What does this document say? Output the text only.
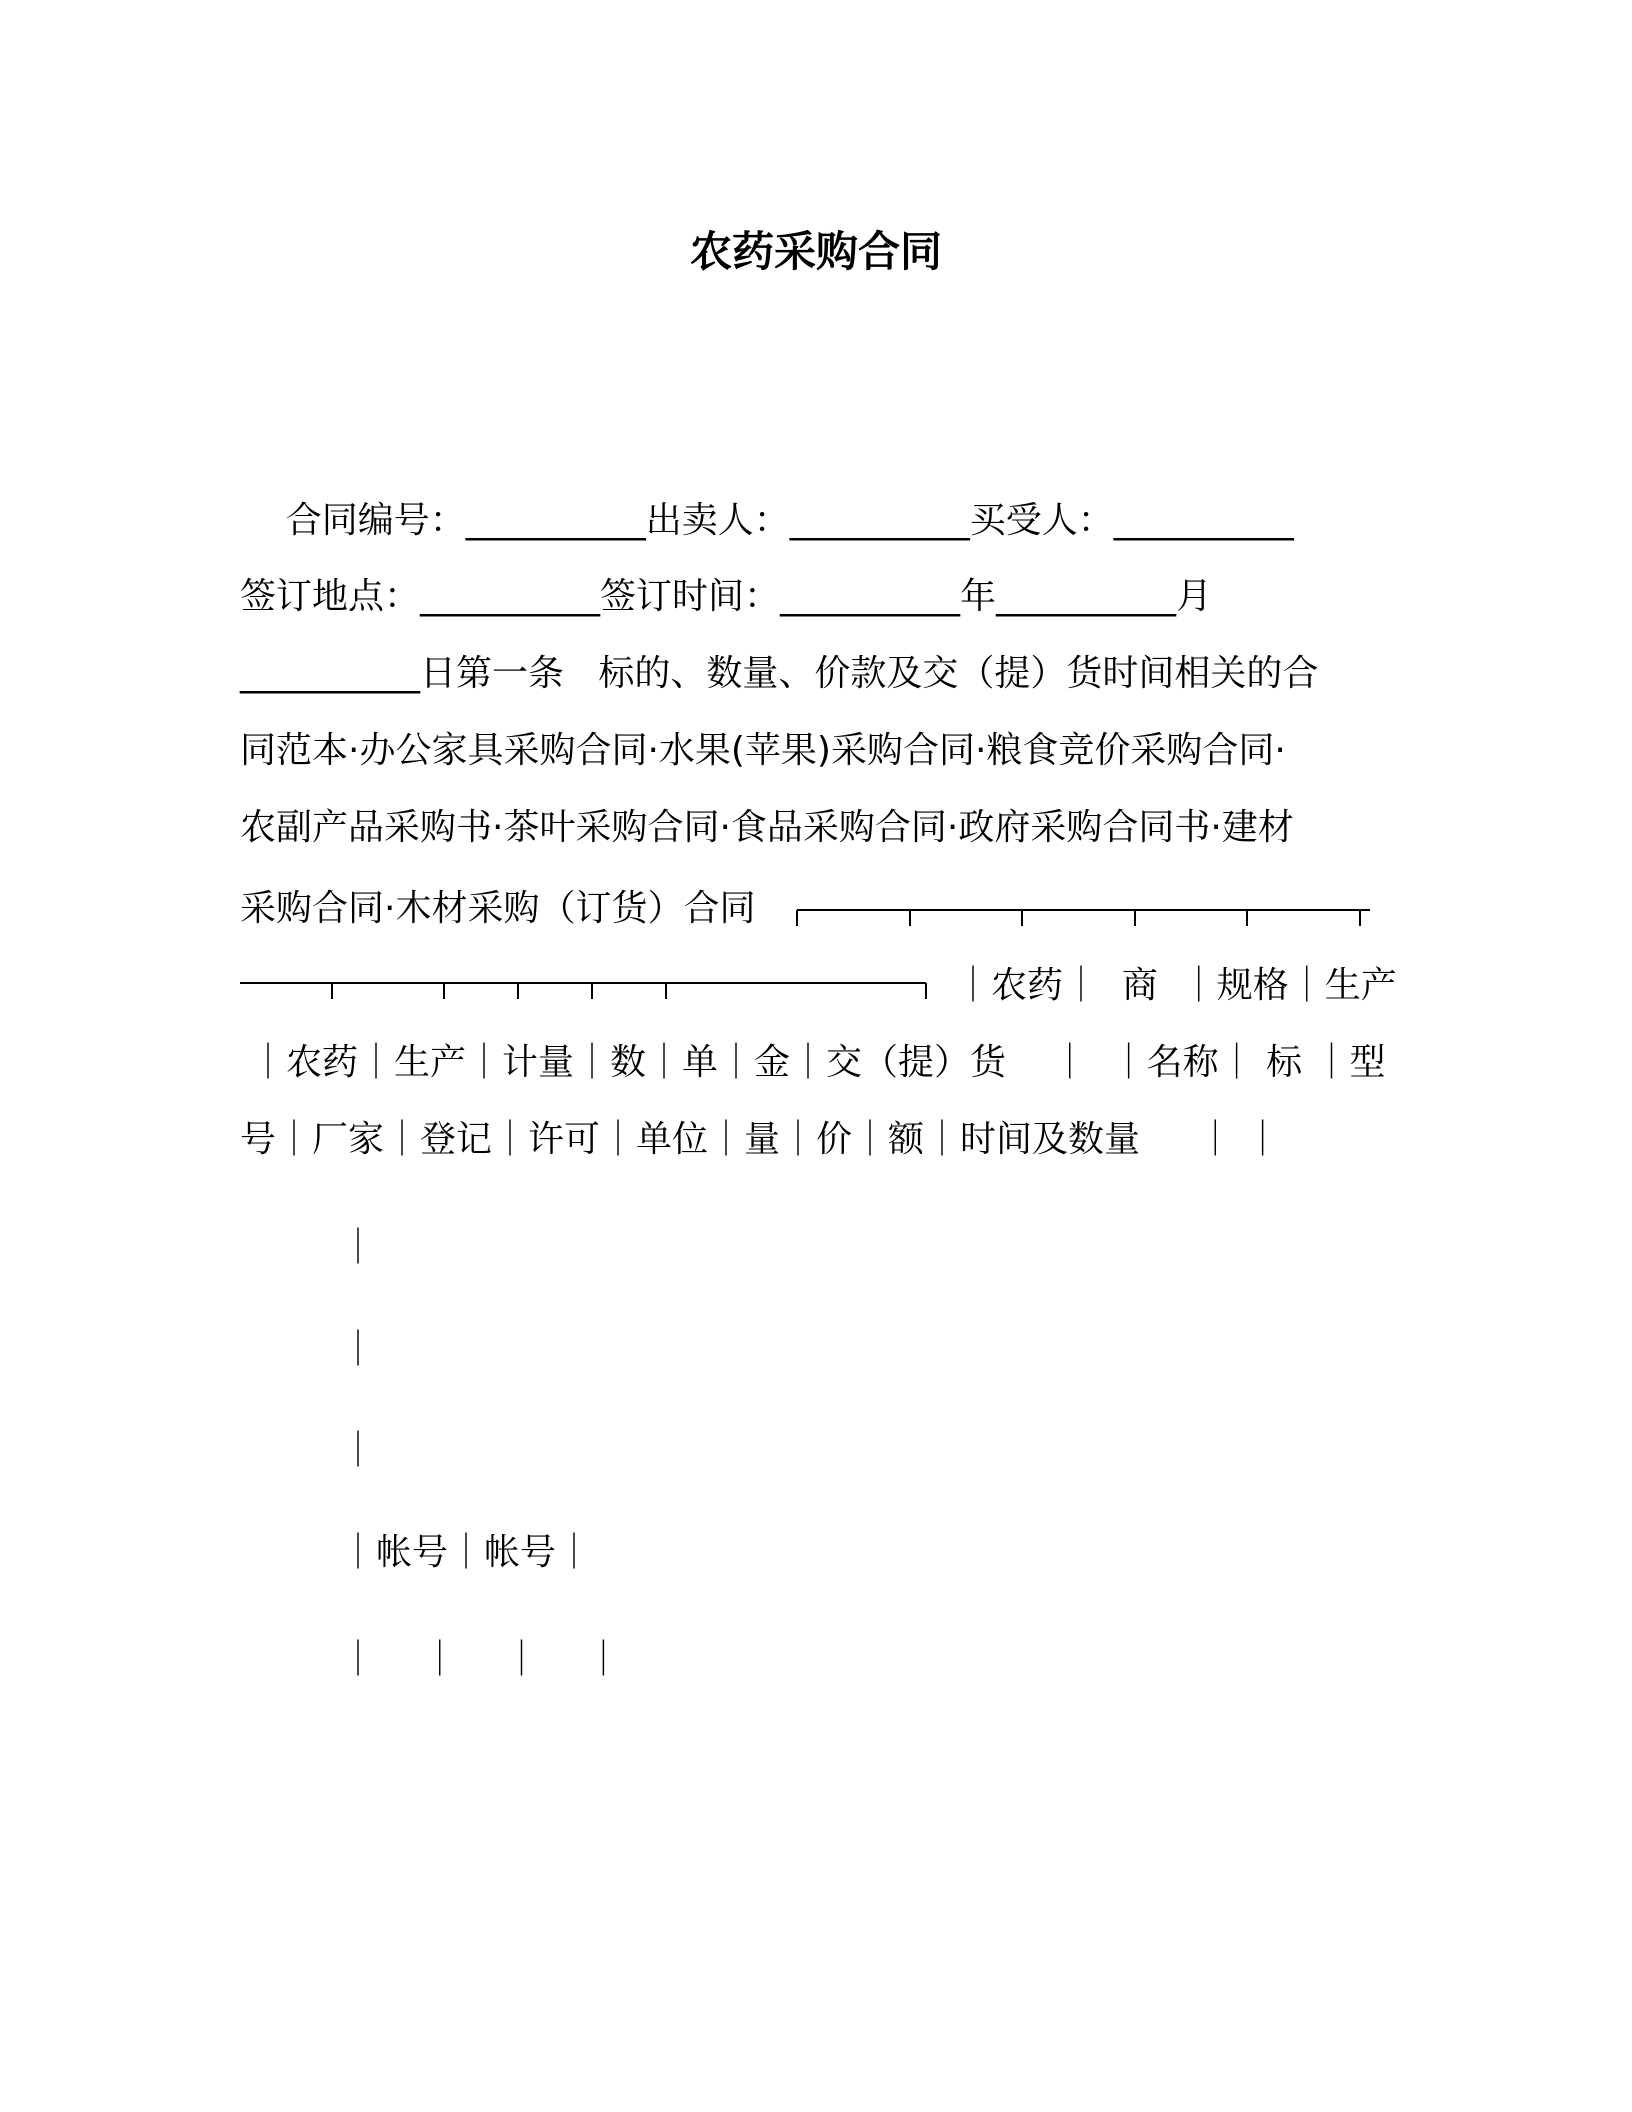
农药采购合同
合同编号：__________出卖人：__________买受人：__________
签订地点：__________签订时间：__________年__________月
__________日第一条   标的、数量、价款及交（提）货时间相关的合
同范本·办公家具采购合同·水果(苹果)采购合同·粮食竞价采购合同·
农副产品采购书·茶叶采购合同·食品采购合同·政府采购合同书·建材
采购合同·木材采购（订货）合同
｜农药｜  商  ｜规格｜生产
｜农药｜生产｜计量｜数｜单｜金｜交（提）货    ｜  ｜名称｜ 标 ｜型
号｜厂家｜登记｜许可｜单位｜量｜价｜额｜时间及数量     ｜ ｜
｜
｜
｜
｜帐号｜帐号｜
｜    ｜    ｜    ｜
